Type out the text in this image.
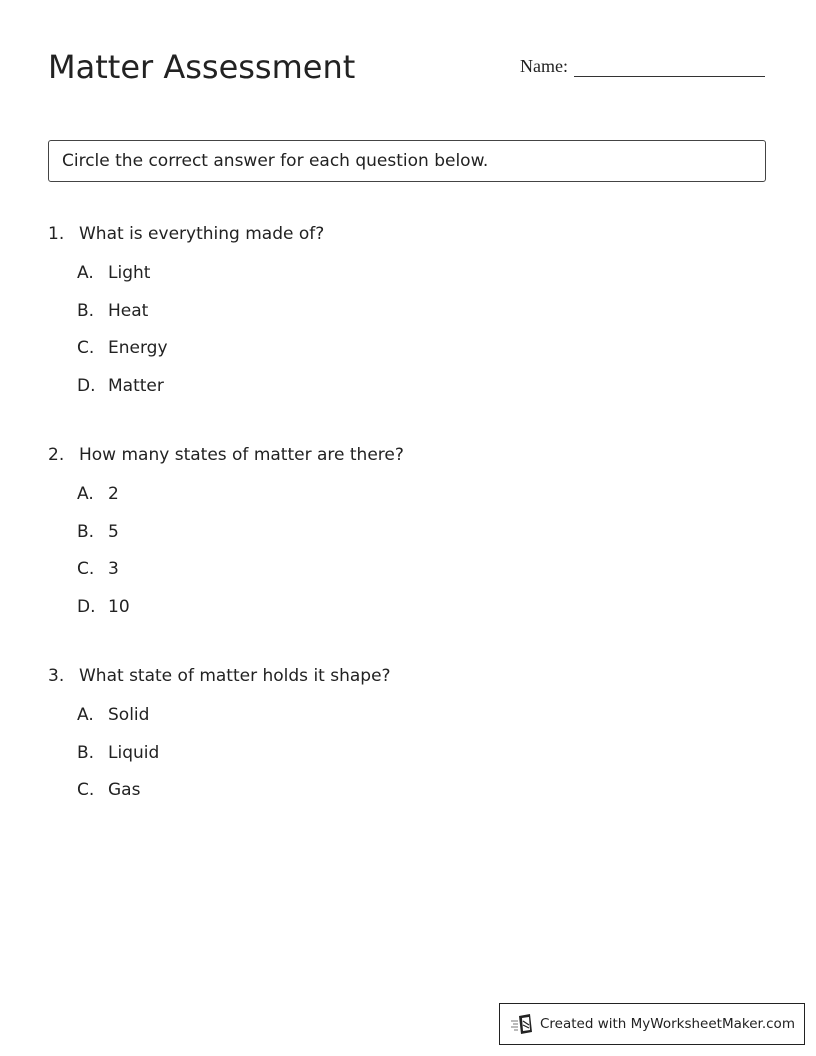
Matter Assessment	Name:
Circle the correct answer for each question below.
1. What is everything made of?
A. Light
B. Heat
C. Energy
D. Matter
2. How many states of matter are there?
A. 2
B. 5
C. 3
D. 10
3. What state of matter holds it shape?
A. Solid
B. Liquid
C. Gas
Created with MyWorksheetMaker.com
